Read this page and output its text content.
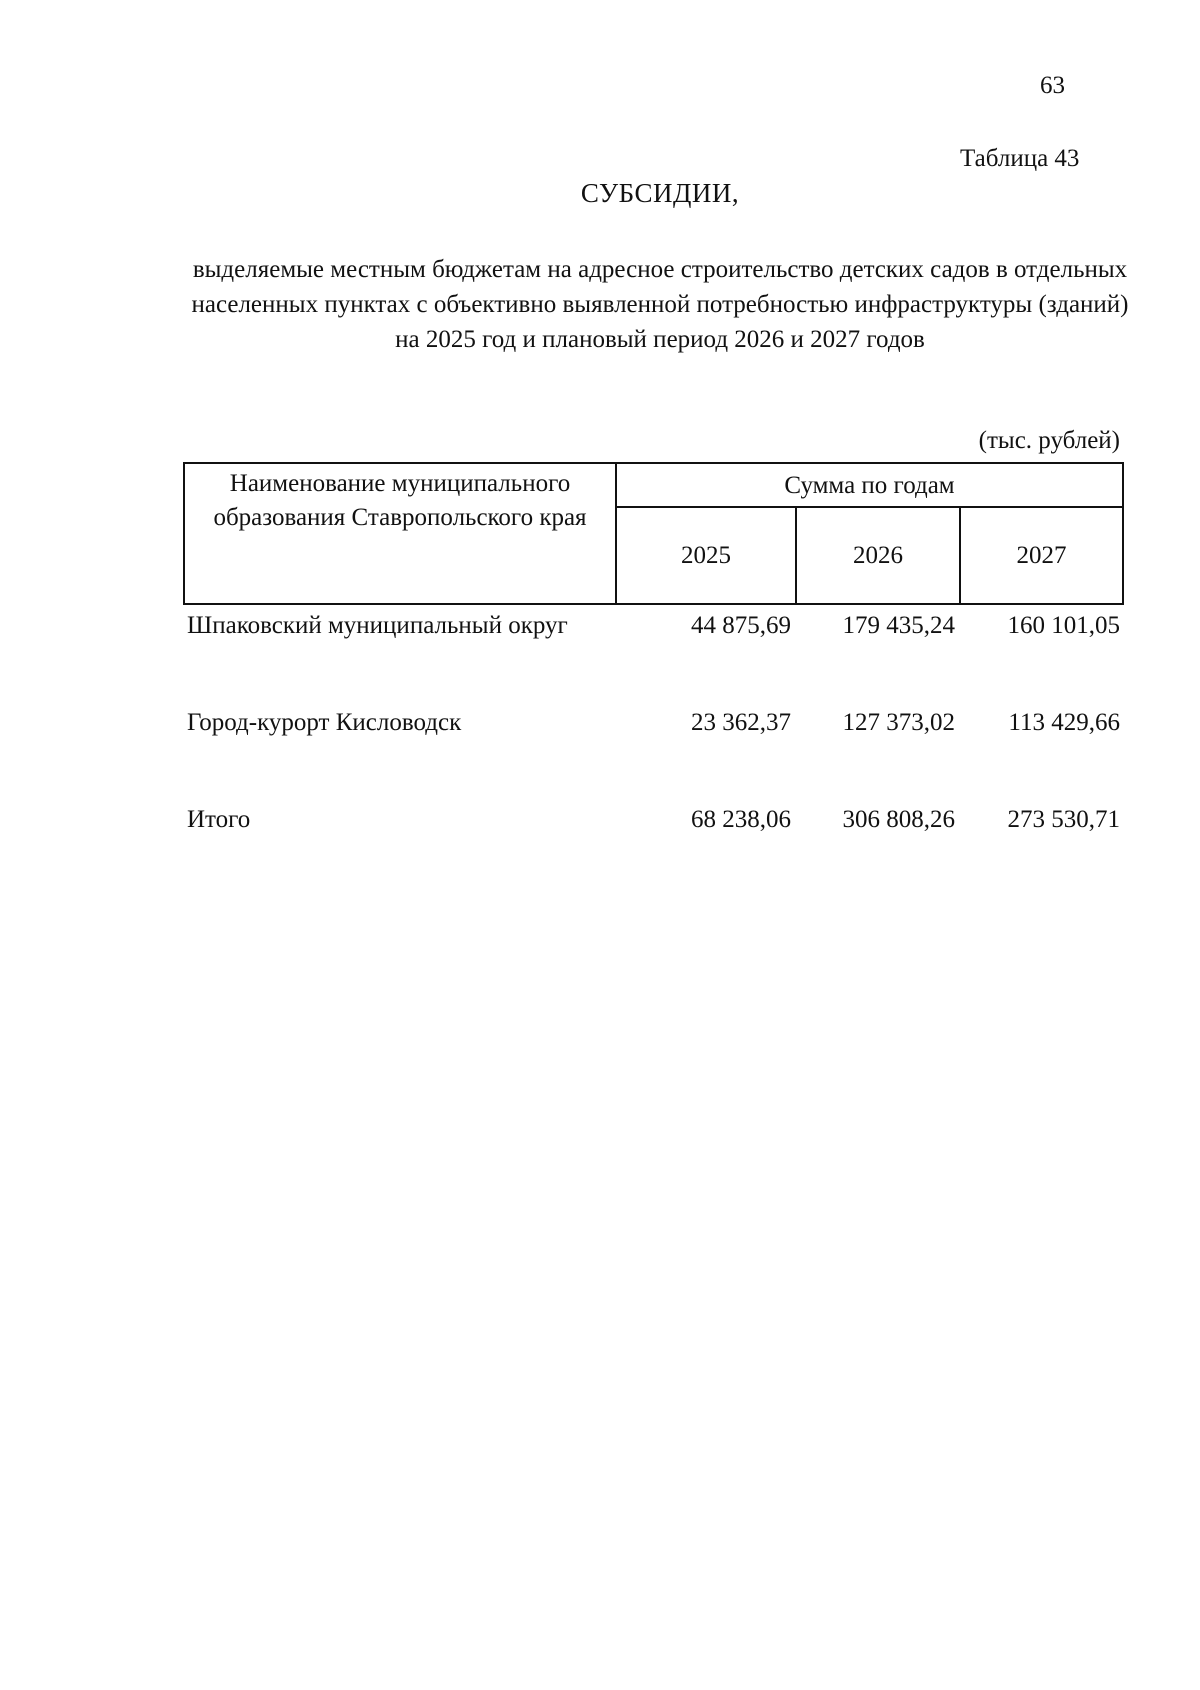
63
Таблица 43
СУБСИДИИ,
выделяемые местным бюджетам на адресное строительство детских садов в отдельных населенных пунктах с объективно выявленной потребностью инфраструктуры (зданий) на 2025 год и плановый период 2026 и 2027 годов
(тыс. рублей)
Наименование муниципального образования Ставропольского края
Сумма по годам
2025	2026	2027
Шпаковский муниципальный округ	44 875,69	179 435,24	160 101,05
Город-курорт Кисловодск	23 362,37	127 373,02	113 429,66
Итого	68 238,06	306 808,26	273 530,71
